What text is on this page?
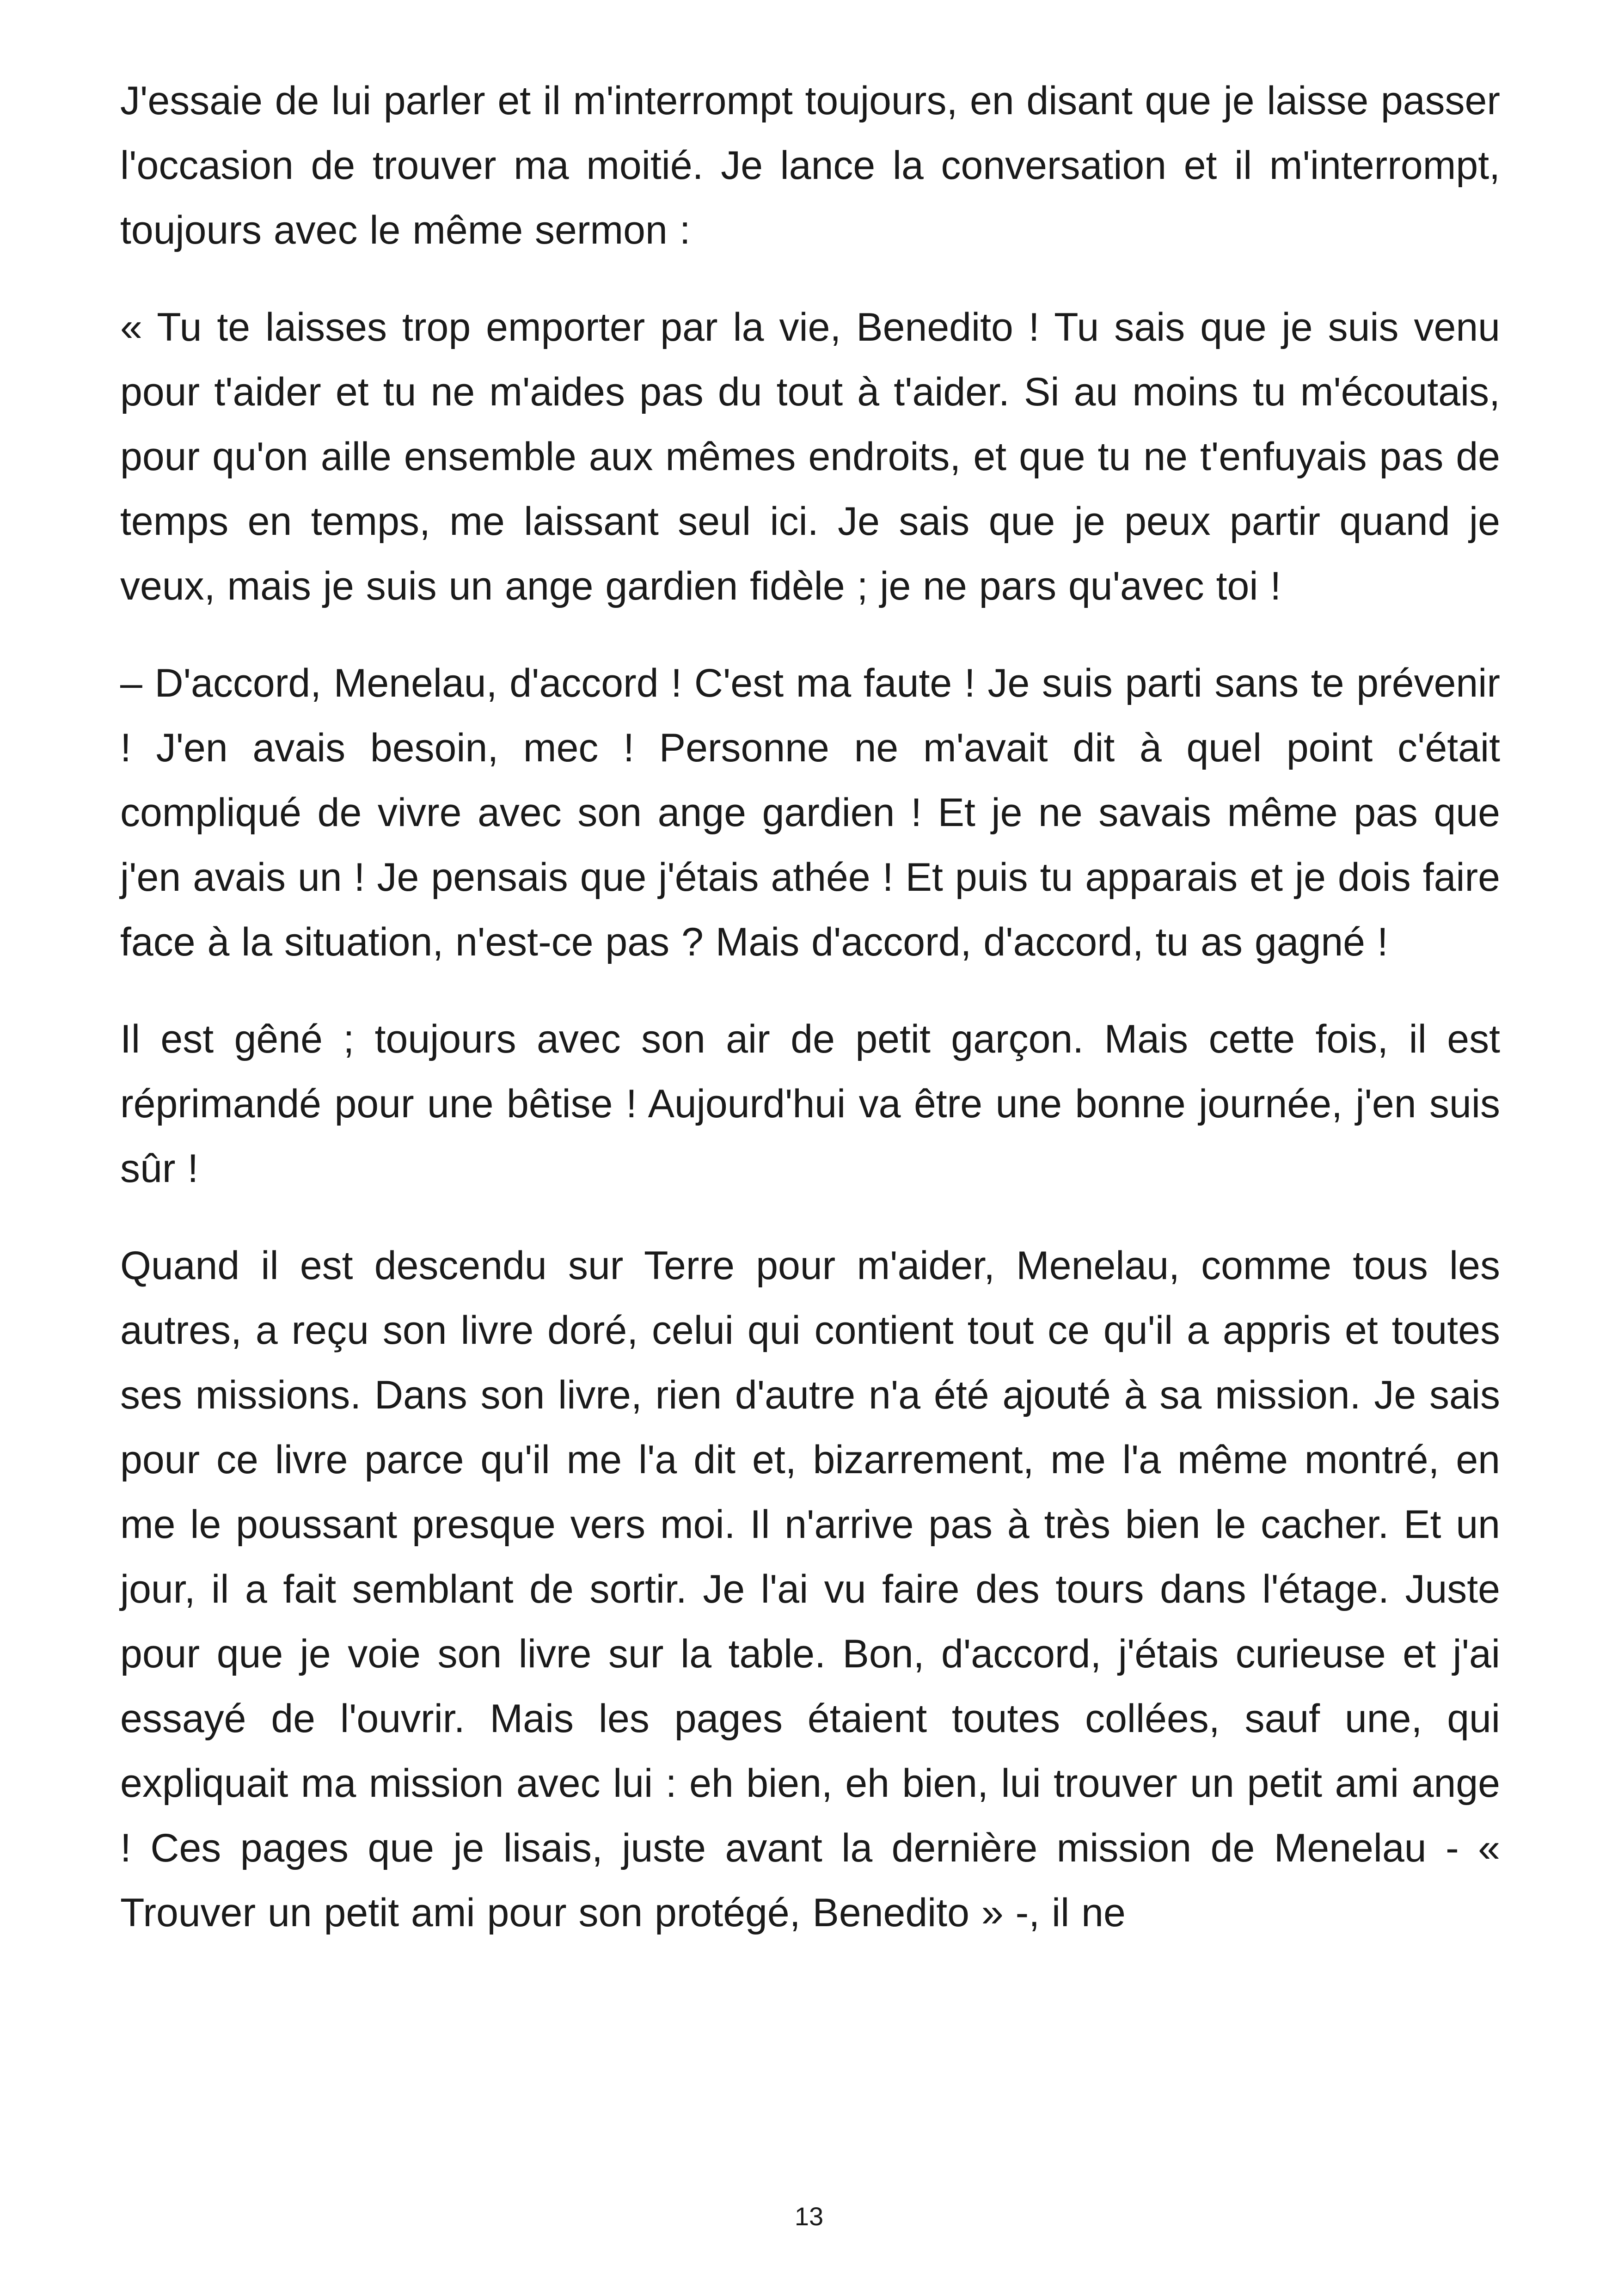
J'essaie de lui parler et il m'interrompt toujours, en disant que je laisse passer l'occasion de trouver ma moitié. Je lance la conversation et il m'interrompt, toujours avec le même sermon :

« Tu te laisses trop emporter par la vie, Benedito ! Tu sais que je suis venu pour t'aider et tu ne m'aides pas du tout à t'aider. Si au moins tu m'écoutais, pour qu'on aille ensemble aux mêmes endroits, et que tu ne t'enfuyais pas de temps en temps, me laissant seul ici. Je sais que je peux partir quand je veux, mais je suis un ange gardien fidèle ; je ne pars qu'avec toi !

– D'accord, Menelau, d'accord ! C'est ma faute ! Je suis parti sans te prévenir ! J'en avais besoin, mec ! Personne ne m'avait dit à quel point c'était compliqué de vivre avec son ange gardien ! Et je ne savais même pas que j'en avais un ! Je pensais que j'étais athée ! Et puis tu apparais et je dois faire face à la situation, n'est-ce pas ? Mais d'accord, d'accord, tu as gagné !

Il est gêné ; toujours avec son air de petit garçon. Mais cette fois, il est réprimandé pour une bêtise ! Aujourd'hui va être une bonne journée, j'en suis sûr !

Quand il est descendu sur Terre pour m'aider, Menelau, comme tous les autres, a reçu son livre doré, celui qui contient tout ce qu'il a appris et toutes ses missions. Dans son livre, rien d'autre n'a été ajouté à sa mission. Je sais pour ce livre parce qu'il me l'a dit et, bizarrement, me l'a même montré, en me le poussant presque vers moi. Il n'arrive pas à très bien le cacher. Et un jour, il a fait semblant de sortir. Je l'ai vu faire des tours dans l'étage. Juste pour que je voie son livre sur la table. Bon, d'accord, j'étais curieuse et j'ai essayé de l'ouvrir. Mais les pages étaient toutes collées, sauf une, qui expliquait ma mission avec lui : eh bien, eh bien, lui trouver un petit ami ange ! Ces pages que je lisais, juste avant la dernière mission de Menelau - « Trouver un petit ami pour son protégé, Benedito » -, il ne

13
